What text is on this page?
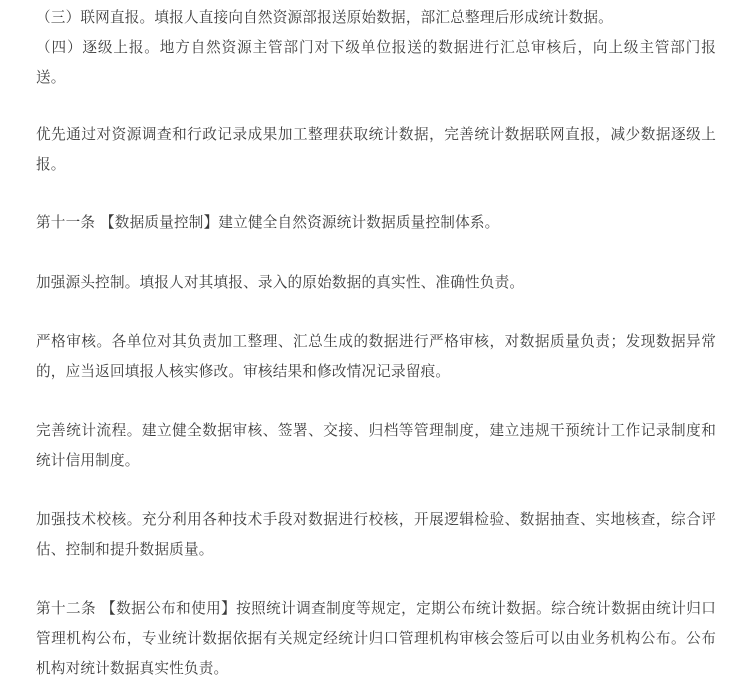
（三）联网直报。填报人直接向自然资源部报送原始数据，部汇总整理后形成统计数据。

（四）逐级上报。地方自然资源主管部门对下级单位报送的数据进行汇总审核后，向上级主管部门报送。

优先通过对资源调查和行政记录成果加工整理获取统计数据，完善统计数据联网直报，减少数据逐级上报。

第十一条 【数据质量控制】建立健全自然资源统计数据质量控制体系。

加强源头控制。填报人对其填报、录入的原始数据的真实性、准确性负责。

严格审核。各单位对其负责加工整理、汇总生成的数据进行严格审核，对数据质量负责；发现数据异常的，应当返回填报人核实修改。审核结果和修改情况记录留痕。

完善统计流程。建立健全数据审核、签署、交接、归档等管理制度，建立违规干预统计工作记录制度和统计信用制度。

加强技术校核。充分利用各种技术手段对数据进行校核，开展逻辑检验、数据抽查、实地核查，综合评估、控制和提升数据质量。

第十二条 【数据公布和使用】按照统计调查制度等规定，定期公布统计数据。综合统计数据由统计归口管理机构公布，专业统计数据依据有关规定经统计归口管理机构审核会签后可以由业务机构公布。公布机构对统计数据真实性负责。
